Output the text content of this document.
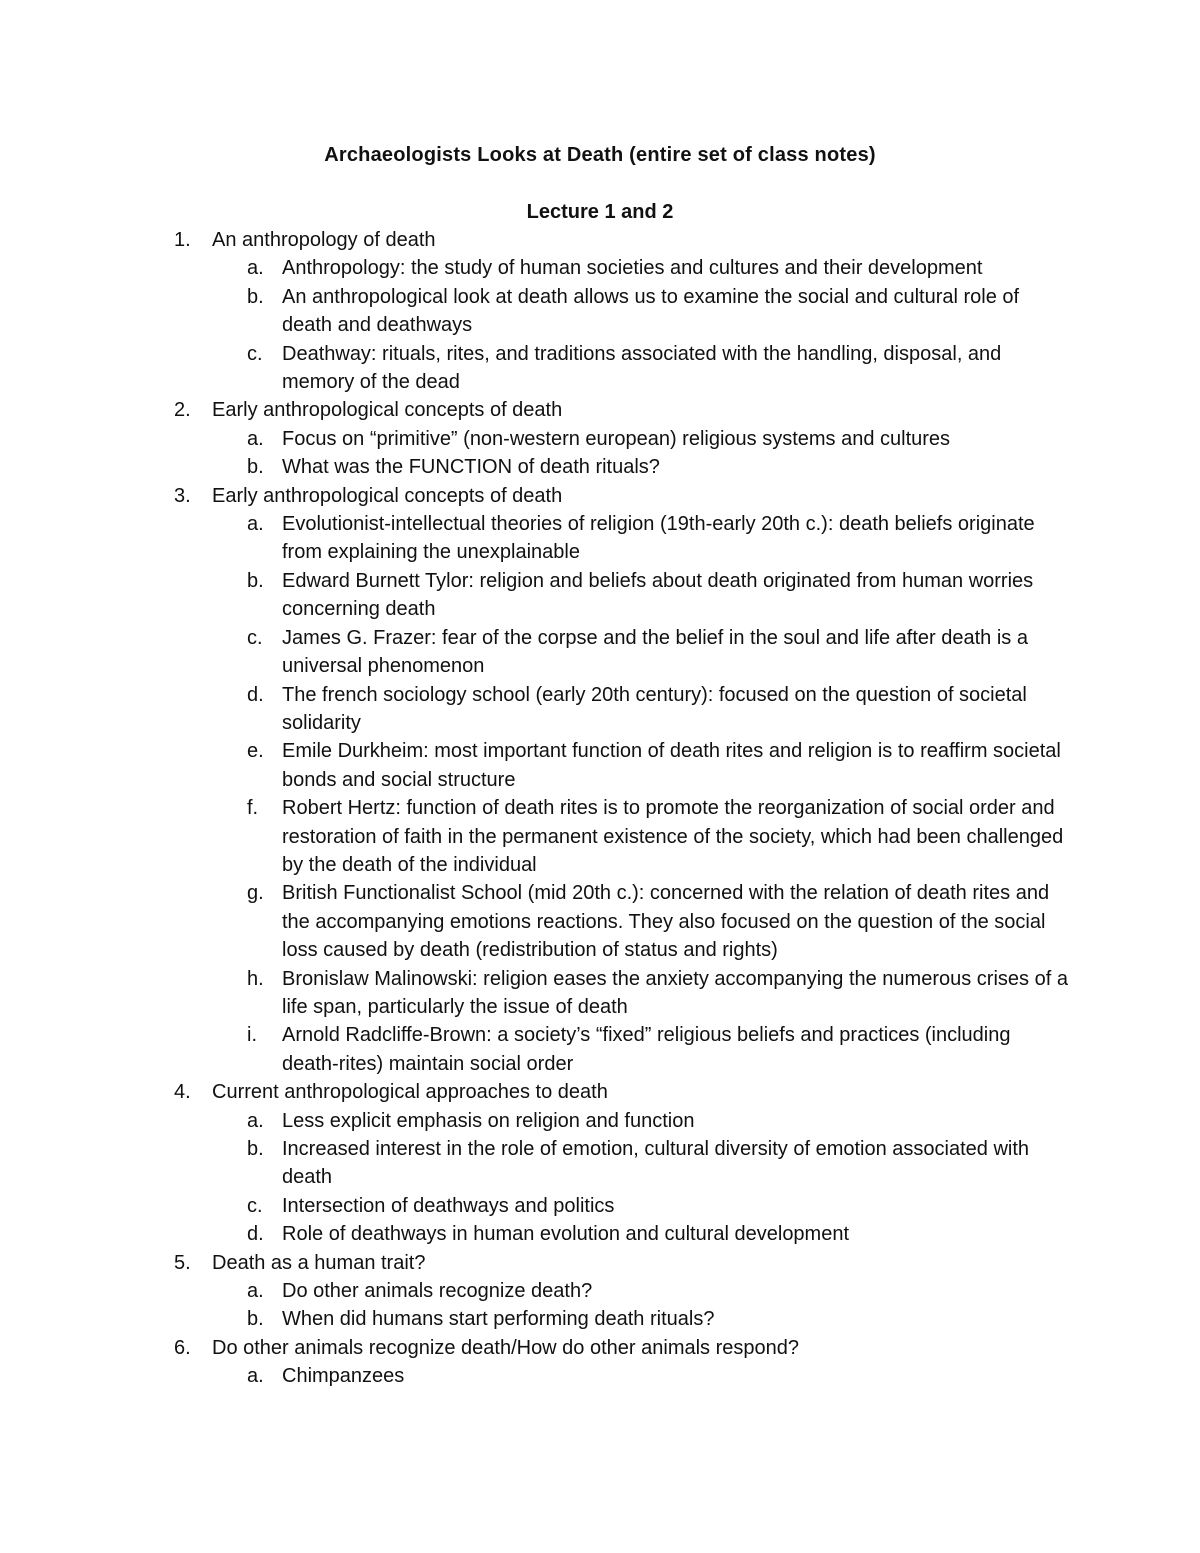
Archaeologists Looks at Death (entire set of class notes)
Lecture 1 and 2
1. An anthropology of death
a. Anthropology: the study of human societies and cultures and their development
b. An anthropological look at death allows us to examine the social and cultural role of death and deathways
c. Deathway: rituals, rites, and traditions associated with the handling, disposal, and memory of the dead
2. Early anthropological concepts of death
a. Focus on “primitive” (non-western european) religious systems and cultures
b. What was the FUNCTION of death rituals?
3. Early anthropological concepts of death
a. Evolutionist-intellectual theories of religion (19th-early 20th c.): death beliefs originate from explaining the unexplainable
b. Edward Burnett Tylor: religion and beliefs about death originated from human worries concerning death
c. James G. Frazer: fear of the corpse and the belief in the soul and life after death is a universal phenomenon
d. The french sociology school (early 20th century): focused on the question of societal solidarity
e. Emile Durkheim: most important function of death rites and religion is to reaffirm societal bonds and social structure
f. Robert Hertz: function of death rites is to promote the reorganization of social order and restoration of faith in the permanent existence of the society, which had been challenged by the death of the individual
g. British Functionalist School (mid 20th c.): concerned with the relation of death rites and the accompanying emotions reactions. They also focused on the question of the social loss caused by death (redistribution of status and rights)
h. Bronislaw Malinowski: religion eases the anxiety accompanying the numerous crises of a life span, particularly the issue of death
i. Arnold Radcliffe-Brown: a society’s “fixed” religious beliefs and practices (including death-rites) maintain social order
4. Current anthropological approaches to death
a. Less explicit emphasis on religion and function
b. Increased interest in the role of emotion, cultural diversity of emotion associated with death
c. Intersection of deathways and politics
d. Role of deathways in human evolution and cultural development
5. Death as a human trait?
a. Do other animals recognize death?
b. When did humans start performing death rituals?
6. Do other animals recognize death/How do other animals respond?
a. Chimpanzees
